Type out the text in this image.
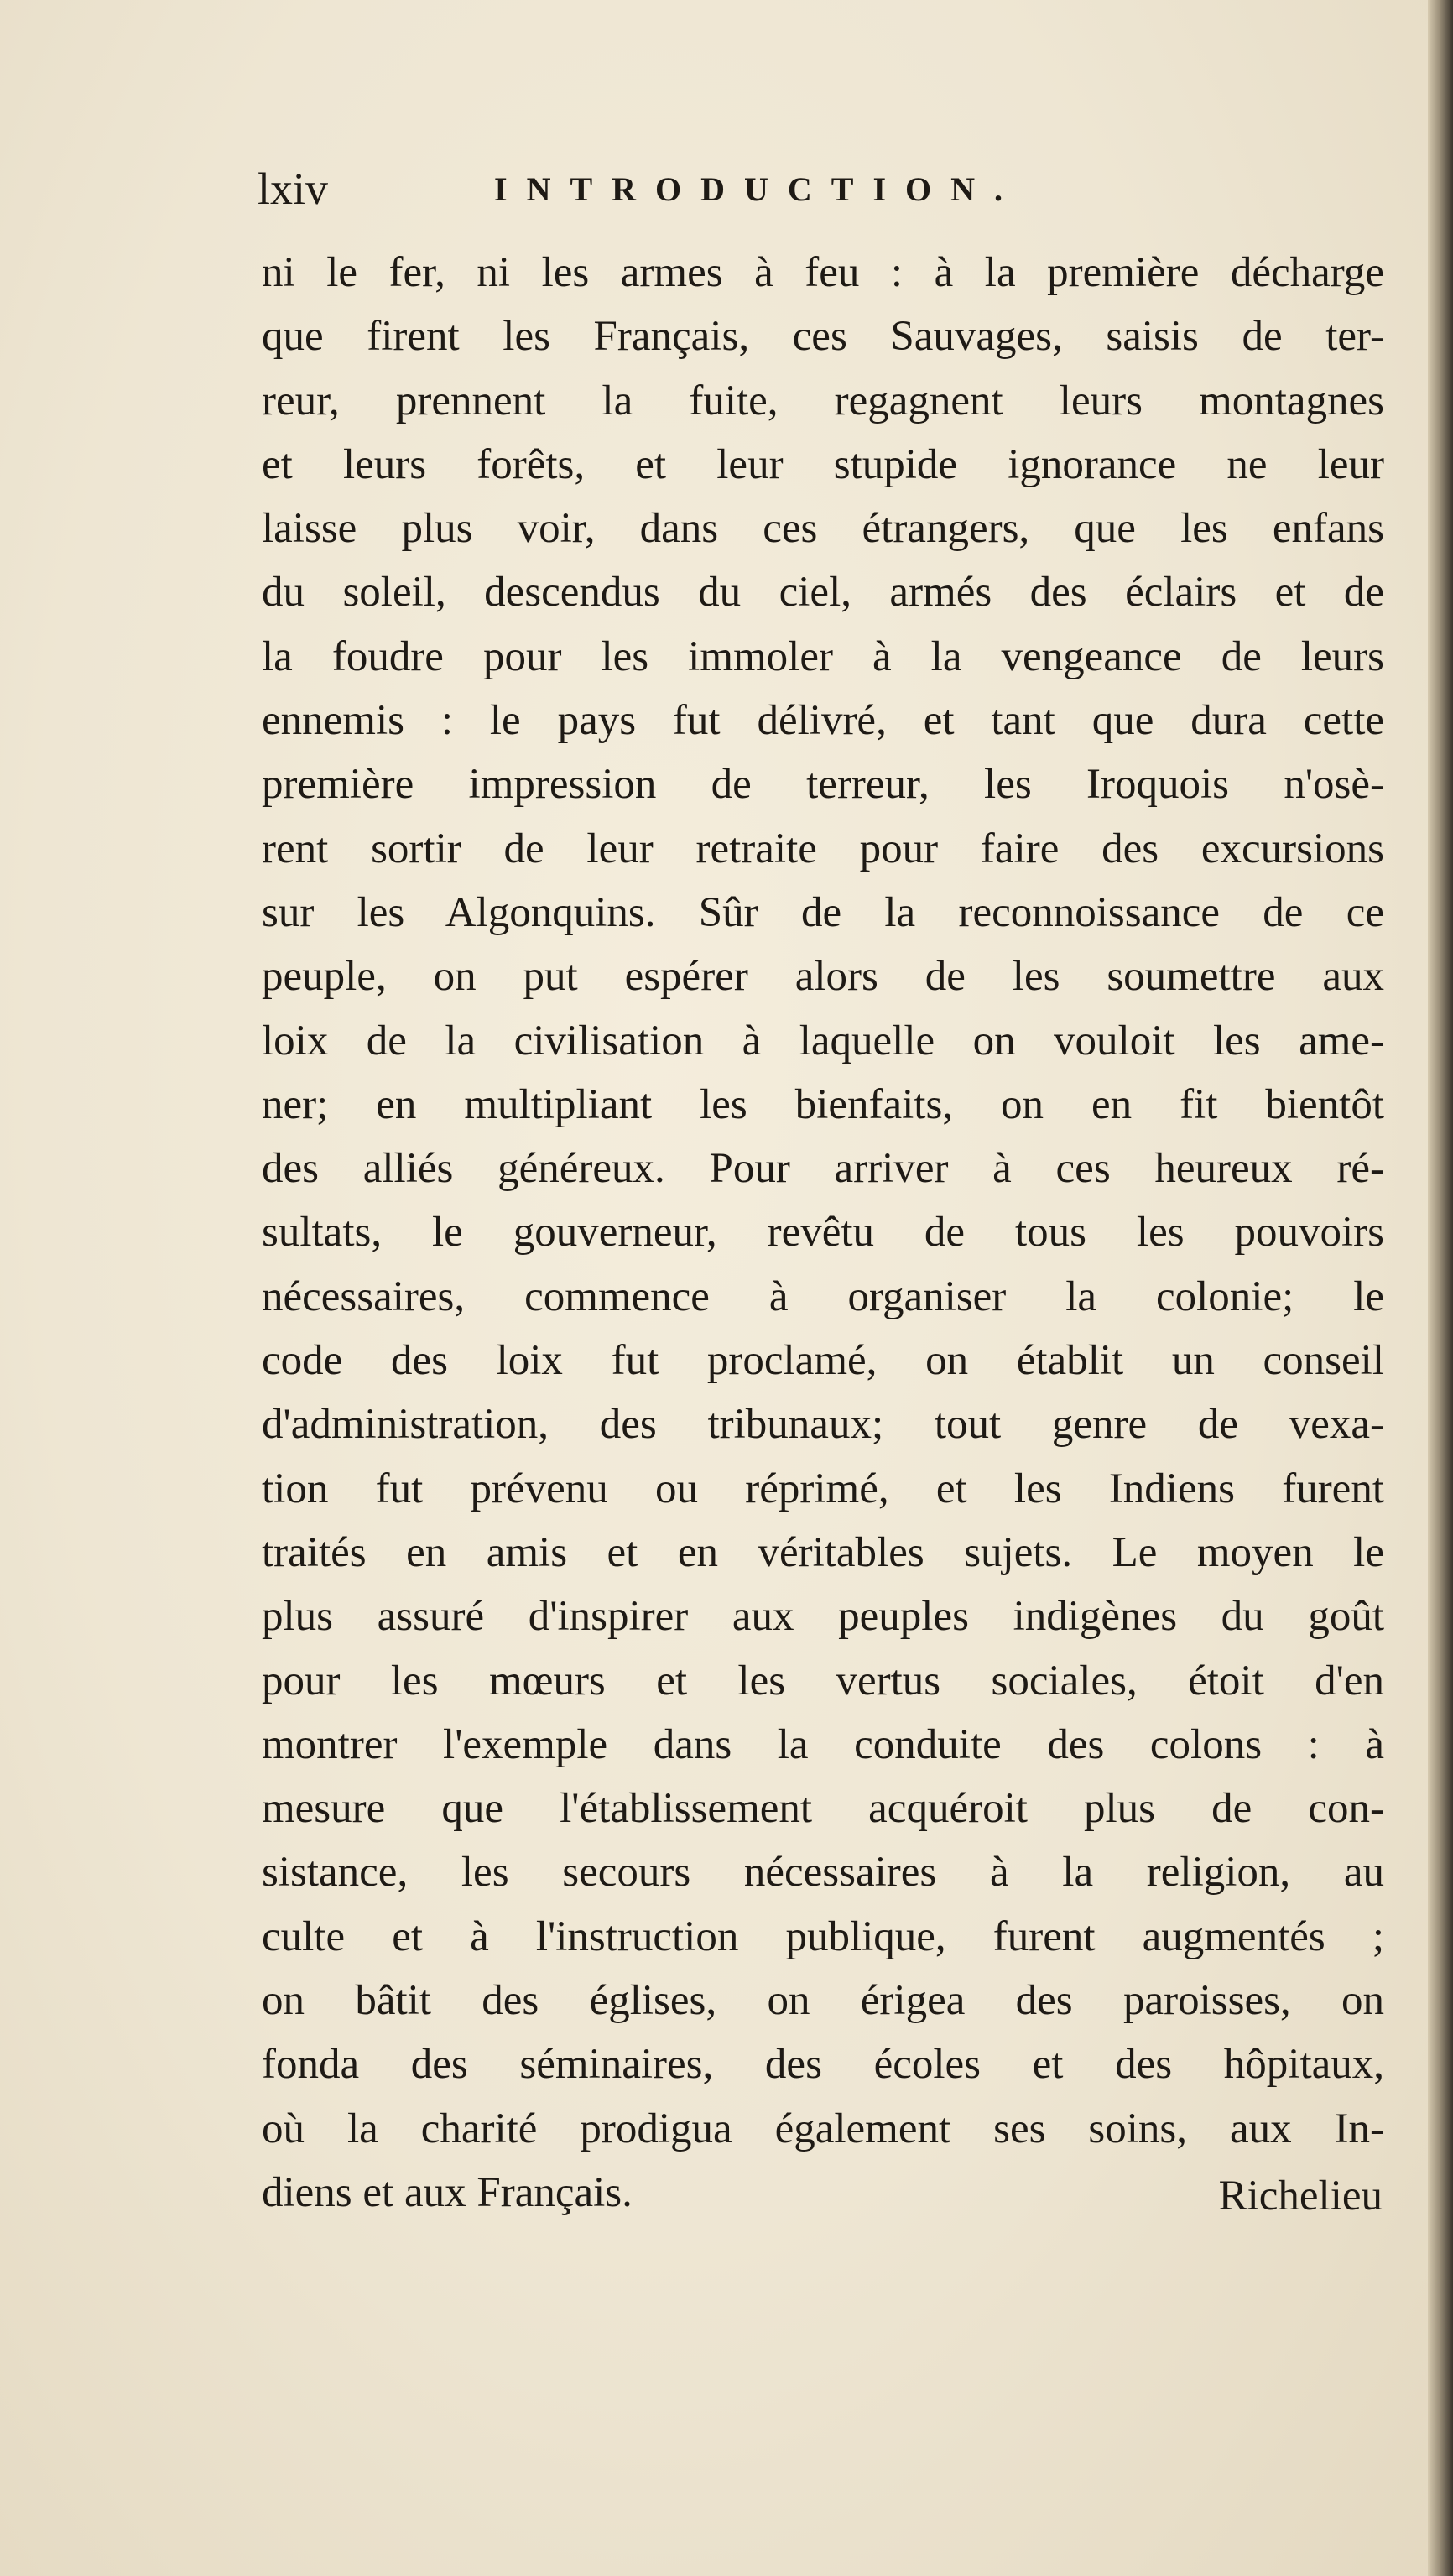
lxiv	INTRODUCTION.
ni le fer, ni les armes à feu : à la première décharge
que firent les Français, ces Sauvages, saisis de ter-
reur, prennent la fuite, regagnent leurs montagnes
et leurs forêts, et leur stupide ignorance ne leur
laisse plus voir, dans ces étrangers, que les enfans
du soleil, descendus du ciel, armés des éclairs et de
la foudre pour les immoler à la vengeance de leurs
ennemis : le pays fut délivré, et tant que dura cette
première impression de terreur, les Iroquois n'osè-
rent sortir de leur retraite pour faire des excursions
sur les Algonquins. Sûr de la reconnoissance de ce
peuple, on put espérer alors de les soumettre aux
loix de la civilisation à laquelle on vouloit les ame-
ner; en multipliant les bienfaits, on en fit bientôt
des alliés généreux. Pour arriver à ces heureux ré-
sultats, le gouverneur, revêtu de tous les pouvoirs
nécessaires, commence à organiser la colonie; le
code des loix fut proclamé, on établit un conseil
d'administration, des tribunaux; tout genre de vexa-
tion fut prévenu ou réprimé, et les Indiens furent
traités en amis et en véritables sujets. Le moyen le
plus assuré d'inspirer aux peuples indigènes du goût
pour les mœurs et les vertus sociales, étoit d'en
montrer l'exemple dans la conduite des colons : à
mesure que l'établissement acquéroit plus de con-
sistance, les secours nécessaires à la religion, au
culte et à l'instruction publique, furent augmentés ;
on bâtit des églises, on érigea des paroisses, on
fonda des séminaires, des écoles et des hôpitaux,
où la charité prodigua également ses soins, aux In-
diens et aux Français.	Richelieu
